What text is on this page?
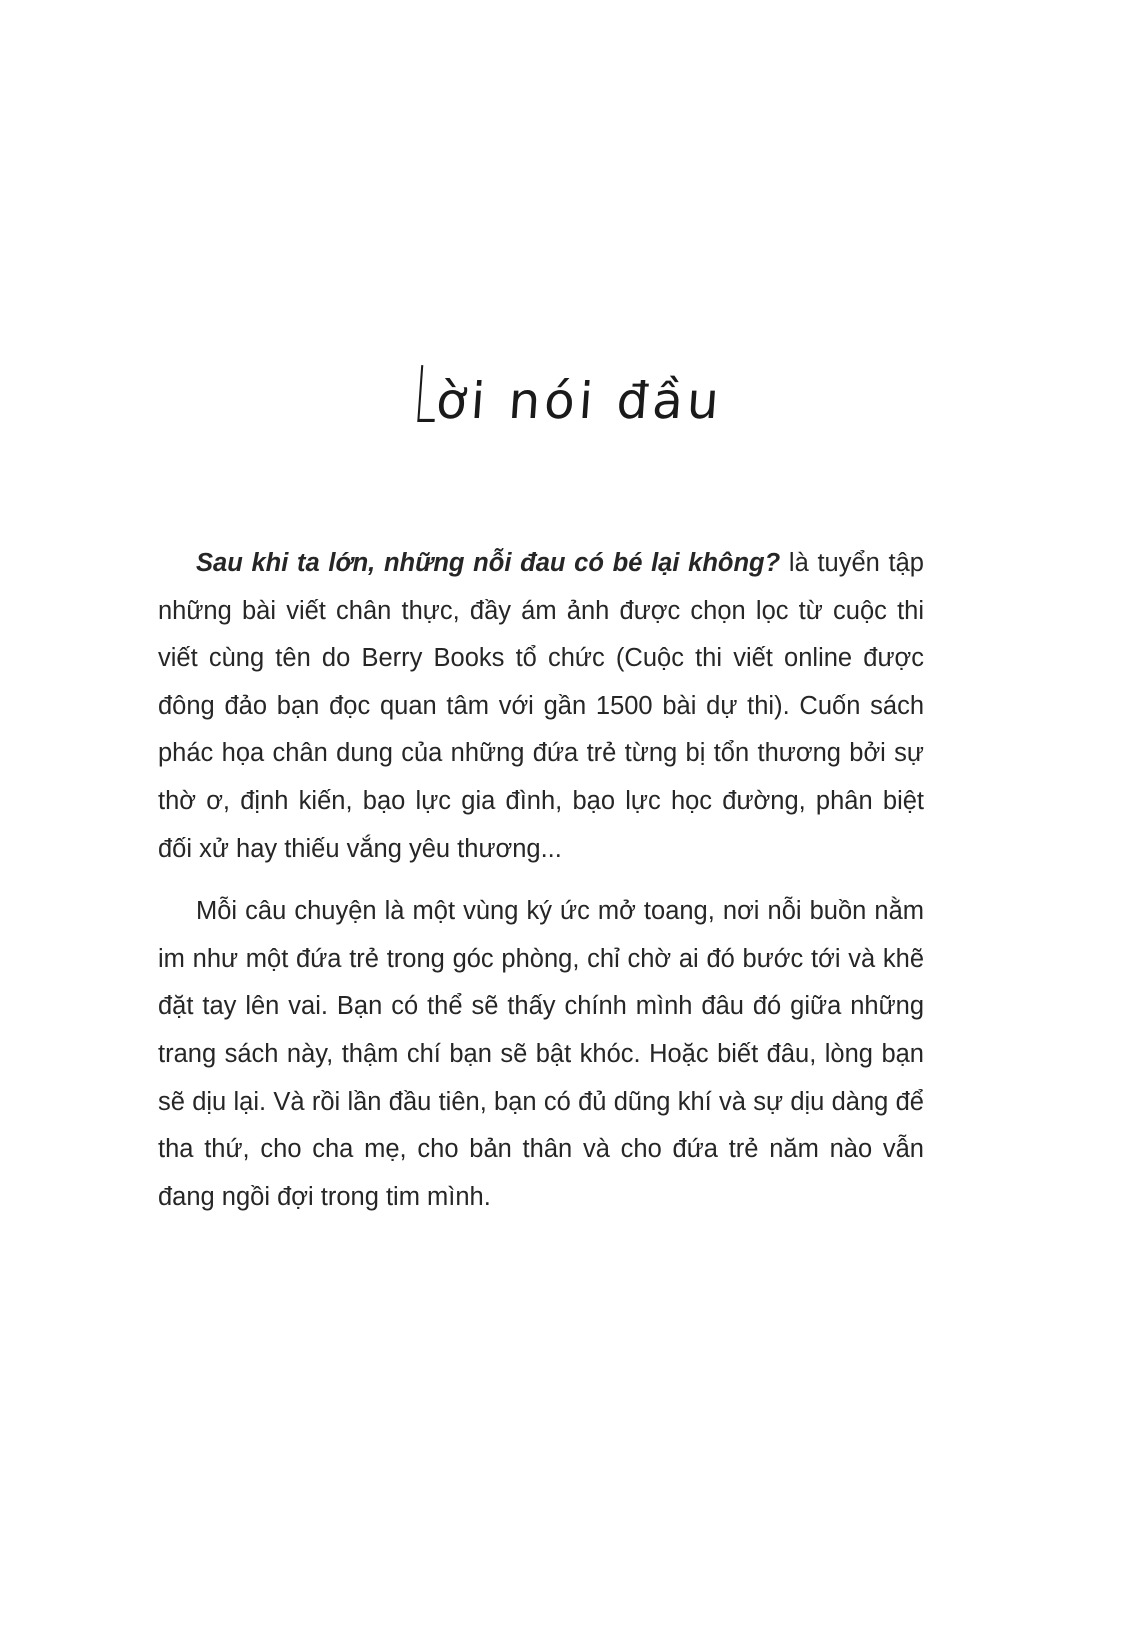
Lời nói đầu

Sau khi ta lớn, những nỗi đau có bé lại không? là tuyển tập những bài viết chân thực, đầy ám ảnh được chọn lọc từ cuộc thi viết cùng tên do Berry Books tổ chức (Cuộc thi viết online được đông đảo bạn đọc quan tâm với gần 1500 bài dự thi). Cuốn sách phác họa chân dung của những đứa trẻ từng bị tổn thương bởi sự thờ ơ, định kiến, bạo lực gia đình, bạo lực học đường, phân biệt đối xử hay thiếu vắng yêu thương...

Mỗi câu chuyện là một vùng ký ức mở toang, nơi nỗi buồn nằm im như một đứa trẻ trong góc phòng, chỉ chờ ai đó bước tới và khẽ đặt tay lên vai. Bạn có thể sẽ thấy chính mình đâu đó giữa những trang sách này, thậm chí bạn sẽ bật khóc. Hoặc biết đâu, lòng bạn sẽ dịu lại. Và rồi lần đầu tiên, bạn có đủ dũng khí và sự dịu dàng để tha thứ, cho cha mẹ, cho bản thân và cho đứa trẻ năm nào vẫn đang ngồi đợi trong tim mình.
